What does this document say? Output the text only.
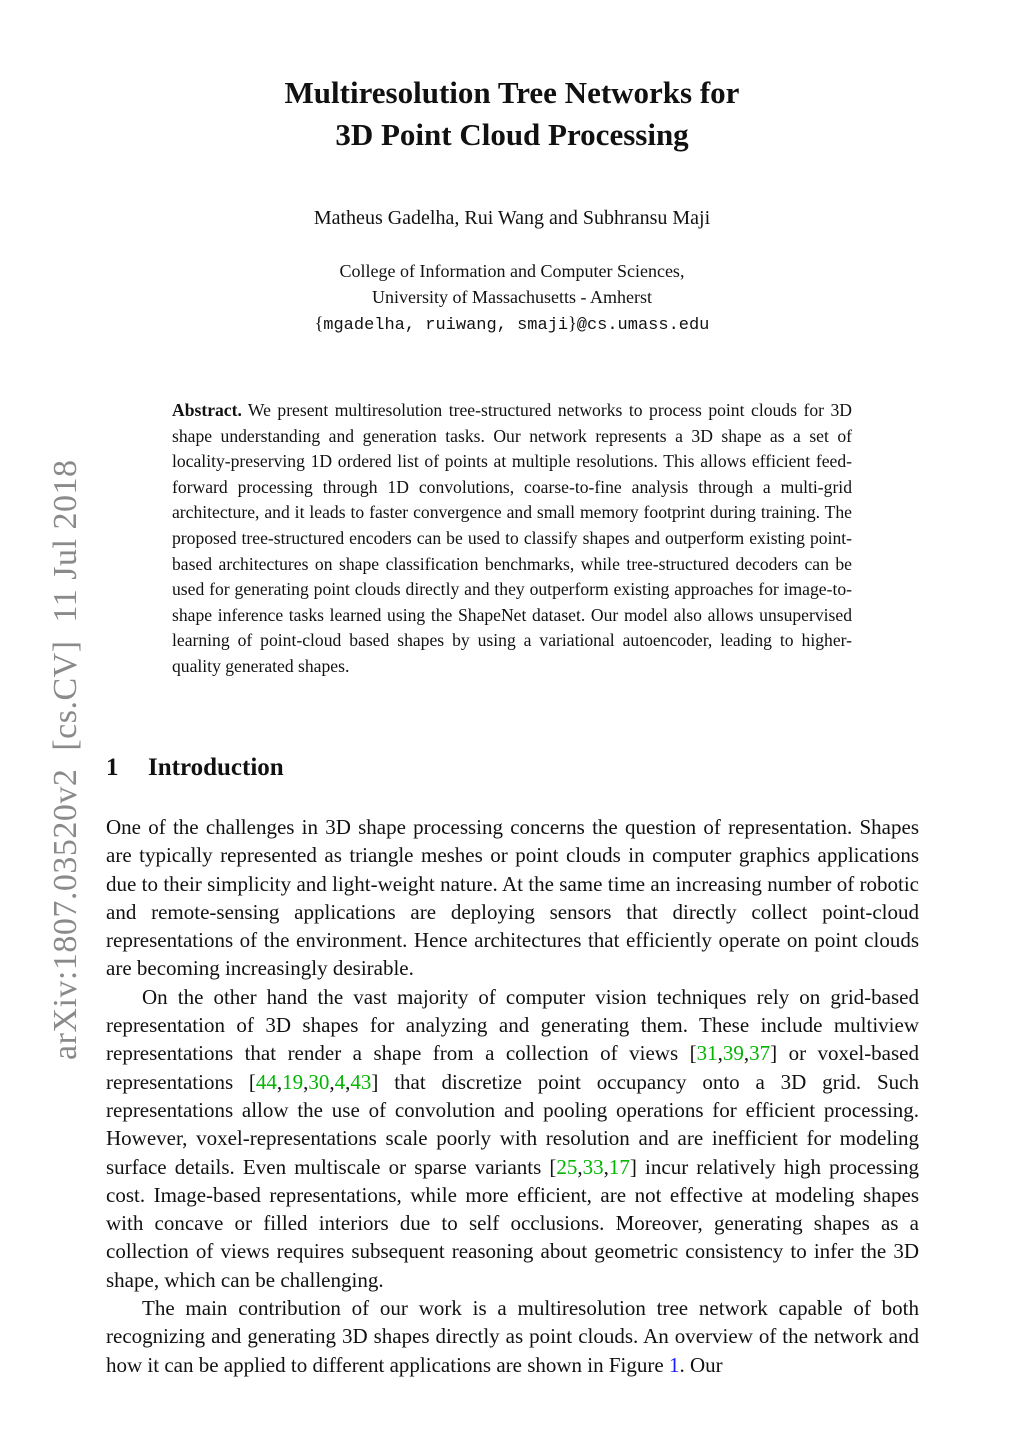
arXiv:1807.03520v2  [cs.CV]  11 Jul 2018
Multiresolution Tree Networks for
3D Point Cloud Processing
Matheus Gadelha, Rui Wang and Subhransu Maji
College of Information and Computer Sciences,
University of Massachusetts - Amherst
{mgadelha, ruiwang, smaji}@cs.umass.edu
Abstract. We present multiresolution tree-structured networks to process point clouds for 3D shape understanding and generation tasks. Our network represents a 3D shape as a set of locality-preserving 1D ordered list of points at multiple resolutions. This allows efficient feed-forward processing through 1D convolutions, coarse-to-fine analysis through a multi-grid architecture, and it leads to faster convergence and small memory footprint during training. The proposed tree-structured encoders can be used to classify shapes and outperform existing point-based architectures on shape classification benchmarks, while tree-structured decoders can be used for generating point clouds directly and they outperform existing approaches for image-to-shape inference tasks learned using the ShapeNet dataset. Our model also allows unsupervised learning of point-cloud based shapes by using a variational autoencoder, leading to higher-quality generated shapes.
1 Introduction

One of the challenges in 3D shape processing concerns the question of representation. Shapes are typically represented as triangle meshes or point clouds in computer graphics applications due to their simplicity and light-weight nature. At the same time an increasing number of robotic and remote-sensing applications are deploying sensors that directly collect point-cloud representations of the environment. Hence architectures that efficiently operate on point clouds are becoming increasingly desirable.

On the other hand the vast majority of computer vision techniques rely on grid-based representation of 3D shapes for analyzing and generating them. These include multiview representations that render a shape from a collection of views [31,39,37] or voxel-based representations [44,19,30,4,43] that discretize point occupancy onto a 3D grid. Such representations allow the use of convolution and pooling operations for efficient processing. However, voxel-representations scale poorly with resolution and are inefficient for modeling surface details. Even multiscale or sparse variants [25,33,17] incur relatively high processing cost. Image-based representations, while more efficient, are not effective at modeling shapes with concave or filled interiors due to self occlusions. Moreover, generating shapes as a collection of views requires subsequent reasoning about geometric consistency to infer the 3D shape, which can be challenging.

The main contribution of our work is a multiresolution tree network capable of both recognizing and generating 3D shapes directly as point clouds. An overview of the network and how it can be applied to different applications are shown in Figure 1. Our
